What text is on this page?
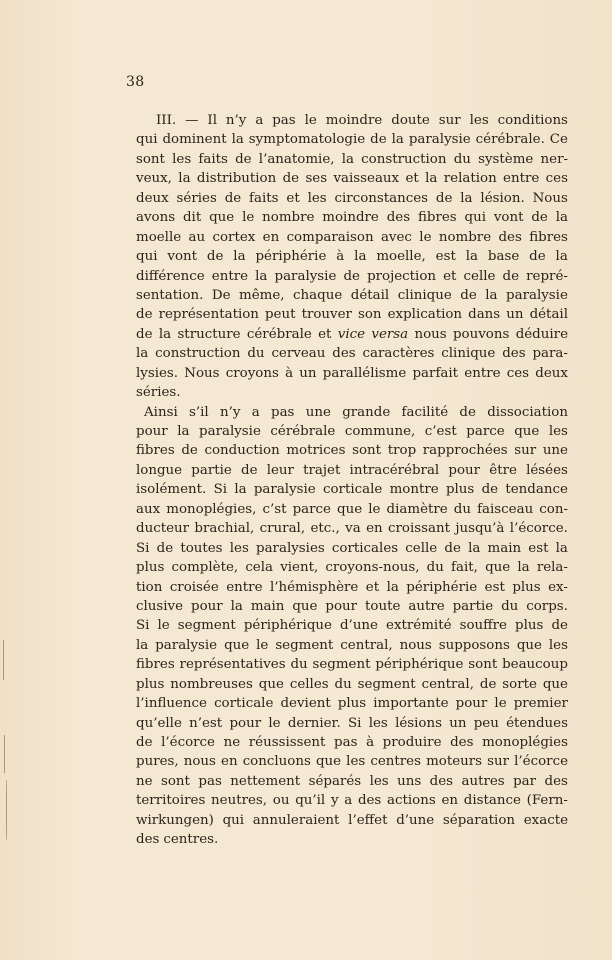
38
III. — Il n’y a pas le moindre doute sur les conditions
qui dominent la symptomatologie de la paralysie cérébrale. Ce
sont les faits de l’anatomie, la construction du système ner-
veux, la distribution de ses vaisseaux et la relation entre ces
deux séries de faits et les circonstances de la lésion. Nous
avons dit que le nombre moindre des fibres qui vont de la
moelle au cortex en comparaison avec le nombre des fibres
qui vont de la périphérie à la moelle, est la base de la
différence entre la paralysie de projection et celle de repré-
sentation. De même, chaque détail clinique de la paralysie
de représentation peut trouver son explication dans un détail
de la structure cérébrale et vice versa nous pouvons déduire
la construction du cerveau des caractères clinique des para-
lysies. Nous croyons à un parallélisme parfait entre ces deux
séries.
Ainsi s’il n’y a pas une grande facilité de dissociation
pour la paralysie cérébrale commune, c’est parce que les
fibres de conduction motrices sont trop rapprochées sur une
longue partie de leur trajet intracérébral pour être lésées
isolément. Si la paralysie corticale montre plus de tendance
aux monoplégies, c’st parce que le diamètre du faisceau con-
ducteur brachial, crural, etc., va en croissant jusqu’à l’écorce.
Si de toutes les paralysies corticales celle de la main est la
plus complète, cela vient, croyons-nous, du fait, que la rela-
tion croisée entre l’hémisphère et la périphérie est plus ex-
clusive pour la main que pour toute autre partie du corps.
Si le segment périphérique d’une extrémité souffre plus de
la paralysie que le segment central, nous supposons que les
fibres représentatives du segment périphérique sont beaucoup
plus nombreuses que celles du segment central, de sorte que
l’influence corticale devient plus importante pour le premier
qu’elle n’est pour le dernier. Si les lésions un peu étendues
de l’écorce ne réussissent pas à produire des monoplégies
pures, nous en concluons que les centres moteurs sur l’écorce
ne sont pas nettement séparés les uns des autres par des
territoires neutres, ou qu’il y a des actions en distance (Fern-
wirkungen) qui annuleraient l’effet d’une séparation exacte
des centres.
